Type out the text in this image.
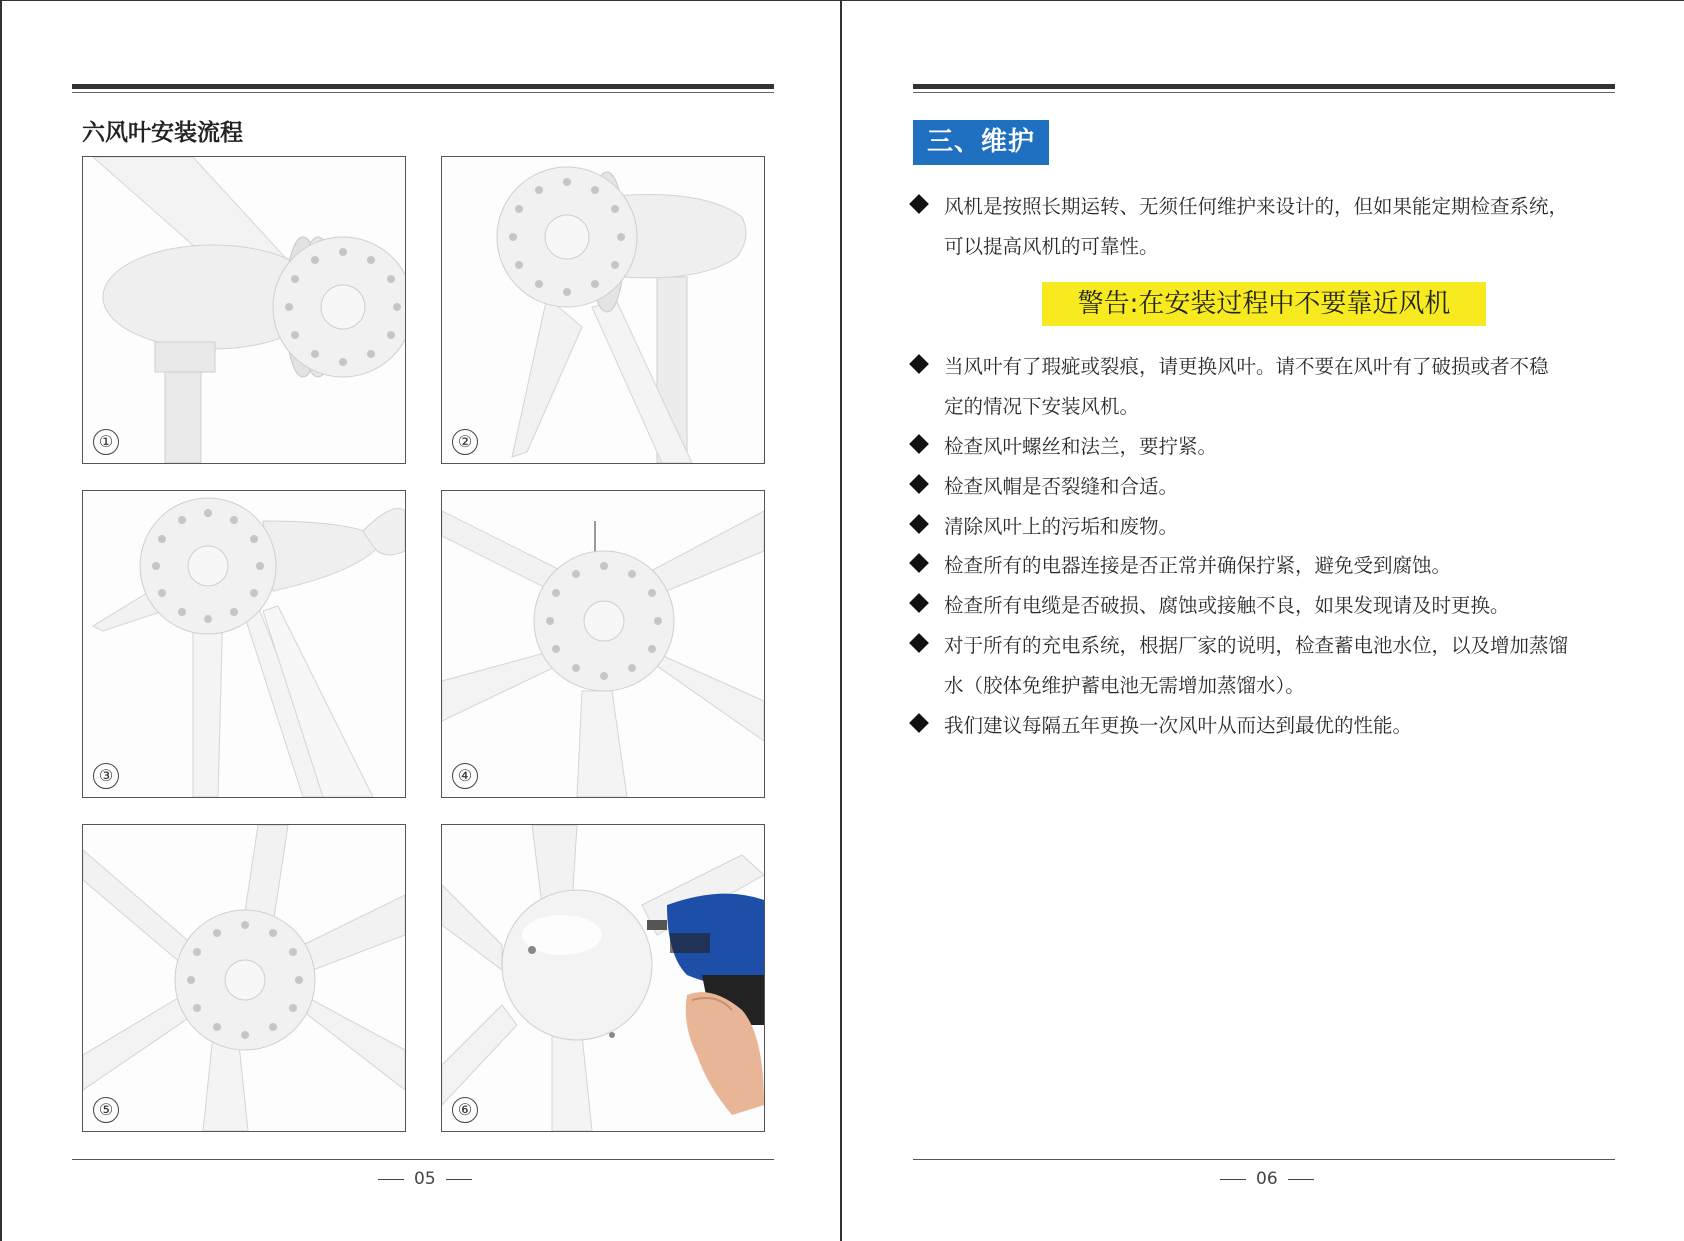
六风叶安装流程
①	②
③	④
⑤	⑥
05
三、维护
风机是按照长期运转、无须任何维护来设计的，但如果能定期检查系统，
可以提高风机的可靠性。
警告:在安装过程中不要靠近风机
当风叶有了瑕疵或裂痕，请更换风叶。请不要在风叶有了破损或者不稳
定的情况下安装风机。
检查风叶螺丝和法兰，要拧紧。
检查风帽是否裂缝和合适。
清除风叶上的污垢和废物。
检查所有的电器连接是否正常并确保拧紧，避免受到腐蚀。
检查所有电缆是否破损、腐蚀或接触不良，如果发现请及时更换。
对于所有的充电系统，根据厂家的说明，检查蓄电池水位，以及增加蒸馏
水（胶体免维护蓄电池无需增加蒸馏水）。
我们建议每隔五年更换一次风叶从而达到最优的性能。
06
